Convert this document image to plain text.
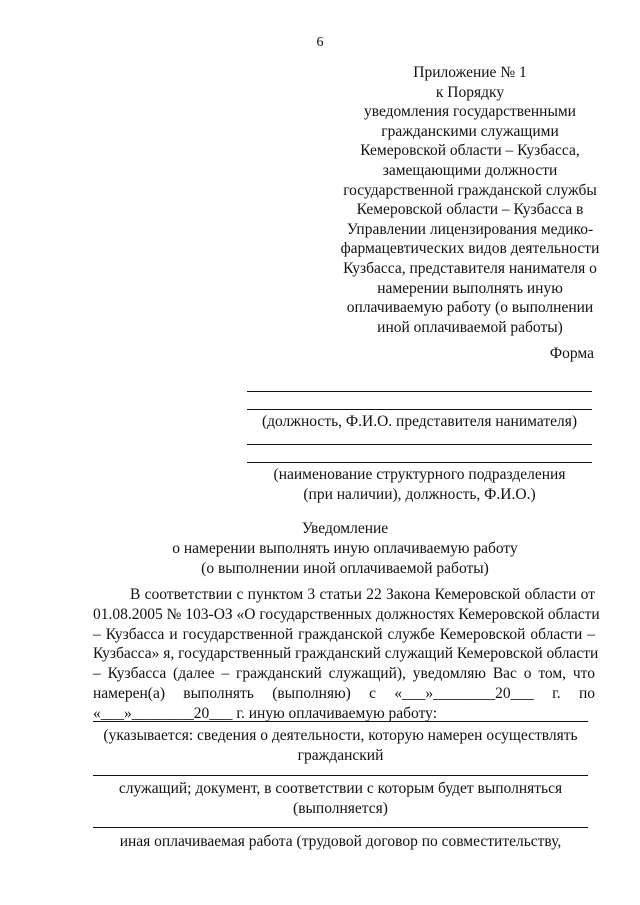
6
Приложение № 1
к Порядку
уведомления государственными
гражданскими служащими
Кемеровской области – Кузбасса,
замещающими должности
государственной гражданской службы
Кемеровской области – Кузбасса в
Управлении лицензирования медико-
фармацевтических видов деятельности
Кузбасса, представителя нанимателя о
намерении выполнять иную
оплачиваемую работу (о выполнении
иной оплачиваемой работы)
Форма
(должность, Ф.И.О. представителя нанимателя)
(наименование структурного подразделения
(при наличии), должность, Ф.И.О.)
Уведомление
о намерении выполнять иную оплачиваемую работу
(о выполнении иной оплачиваемой работы)
В соответствии с пунктом 3 статьи 22 Закона Кемеровской области от
01.08.2005 № 103-ОЗ «О государственных должностях Кемеровской области
– Кузбасса и государственной гражданской службе Кемеровской области –
Кузбасса» я, государственный гражданский служащий Кемеровской области
– Кузбасса (далее – гражданский служащий), уведомляю Вас о том, что
намерен(а) выполнять (выполняю) с «___»________20___ г. по
«___»________20___ г. иную оплачиваемую работу:
(указывается: сведения о деятельности, которую намерен осуществлять
гражданский
служащий; документ, в соответствии с которым будет выполняться
(выполняется)
иная оплачиваемая работа (трудовой договор по совместительству,
